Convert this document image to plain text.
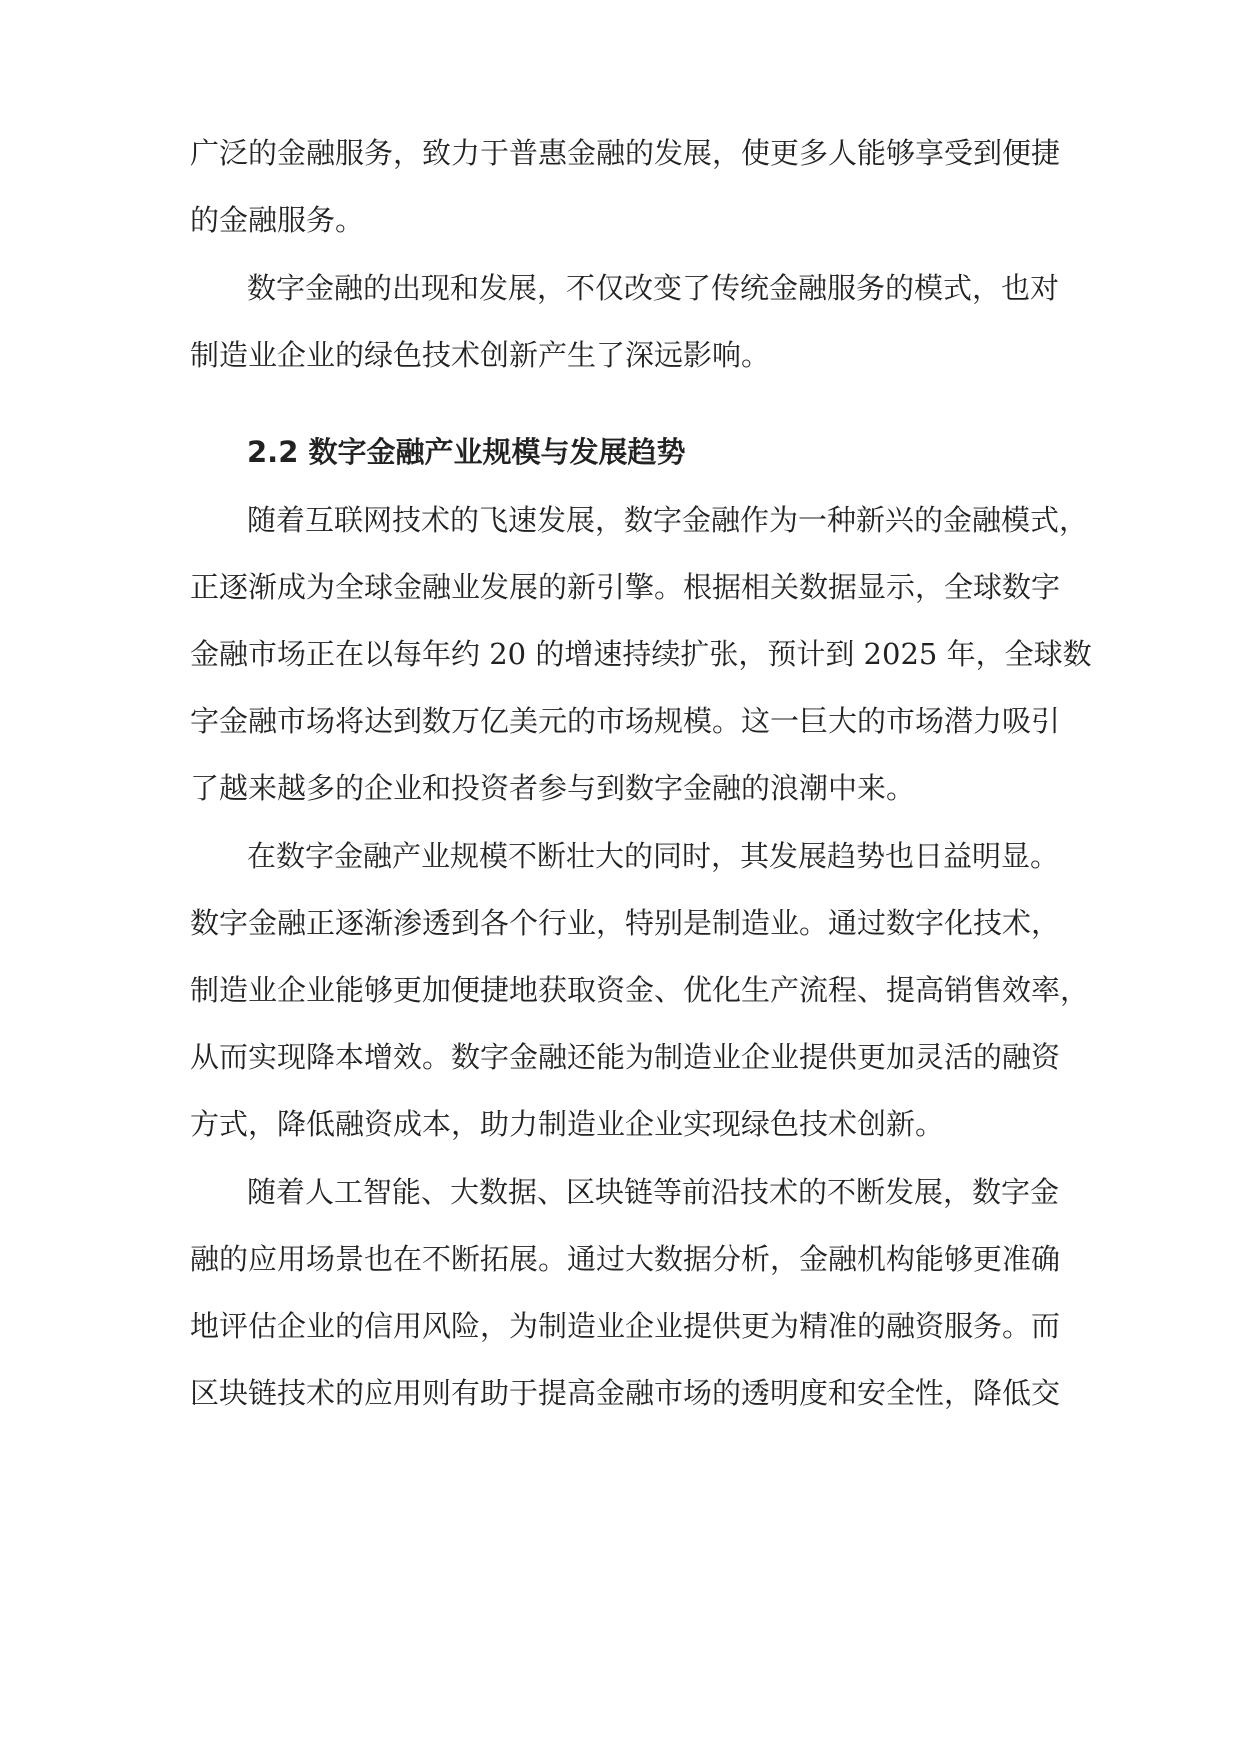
广泛的金融服务，致力于普惠金融的发展，使更多人能够享受到便捷
的金融服务。
数字金融的出现和发展，不仅改变了传统金融服务的模式，也对
制造业企业的绿色技术创新产生了深远影响。
2.2 数字金融产业规模与发展趋势
随着互联网技术的飞速发展，数字金融作为一种新兴的金融模式，
正逐渐成为全球金融业发展的新引擎。根据相关数据显示，全球数字
金融市场正在以每年约 20 的增速持续扩张，预计到 2025 年，全球数
字金融市场将达到数万亿美元的市场规模。这一巨大的市场潜力吸引
了越来越多的企业和投资者参与到数字金融的浪潮中来。
在数字金融产业规模不断壮大的同时，其发展趋势也日益明显。
数字金融正逐渐渗透到各个行业，特别是制造业。通过数字化技术，
制造业企业能够更加便捷地获取资金、优化生产流程、提高销售效率，
从而实现降本增效。数字金融还能为制造业企业提供更加灵活的融资
方式，降低融资成本，助力制造业企业实现绿色技术创新。
随着人工智能、大数据、区块链等前沿技术的不断发展，数字金
融的应用场景也在不断拓展。通过大数据分析，金融机构能够更准确
地评估企业的信用风险，为制造业企业提供更为精准的融资服务。而
区块链技术的应用则有助于提高金融市场的透明度和安全性，降低交
